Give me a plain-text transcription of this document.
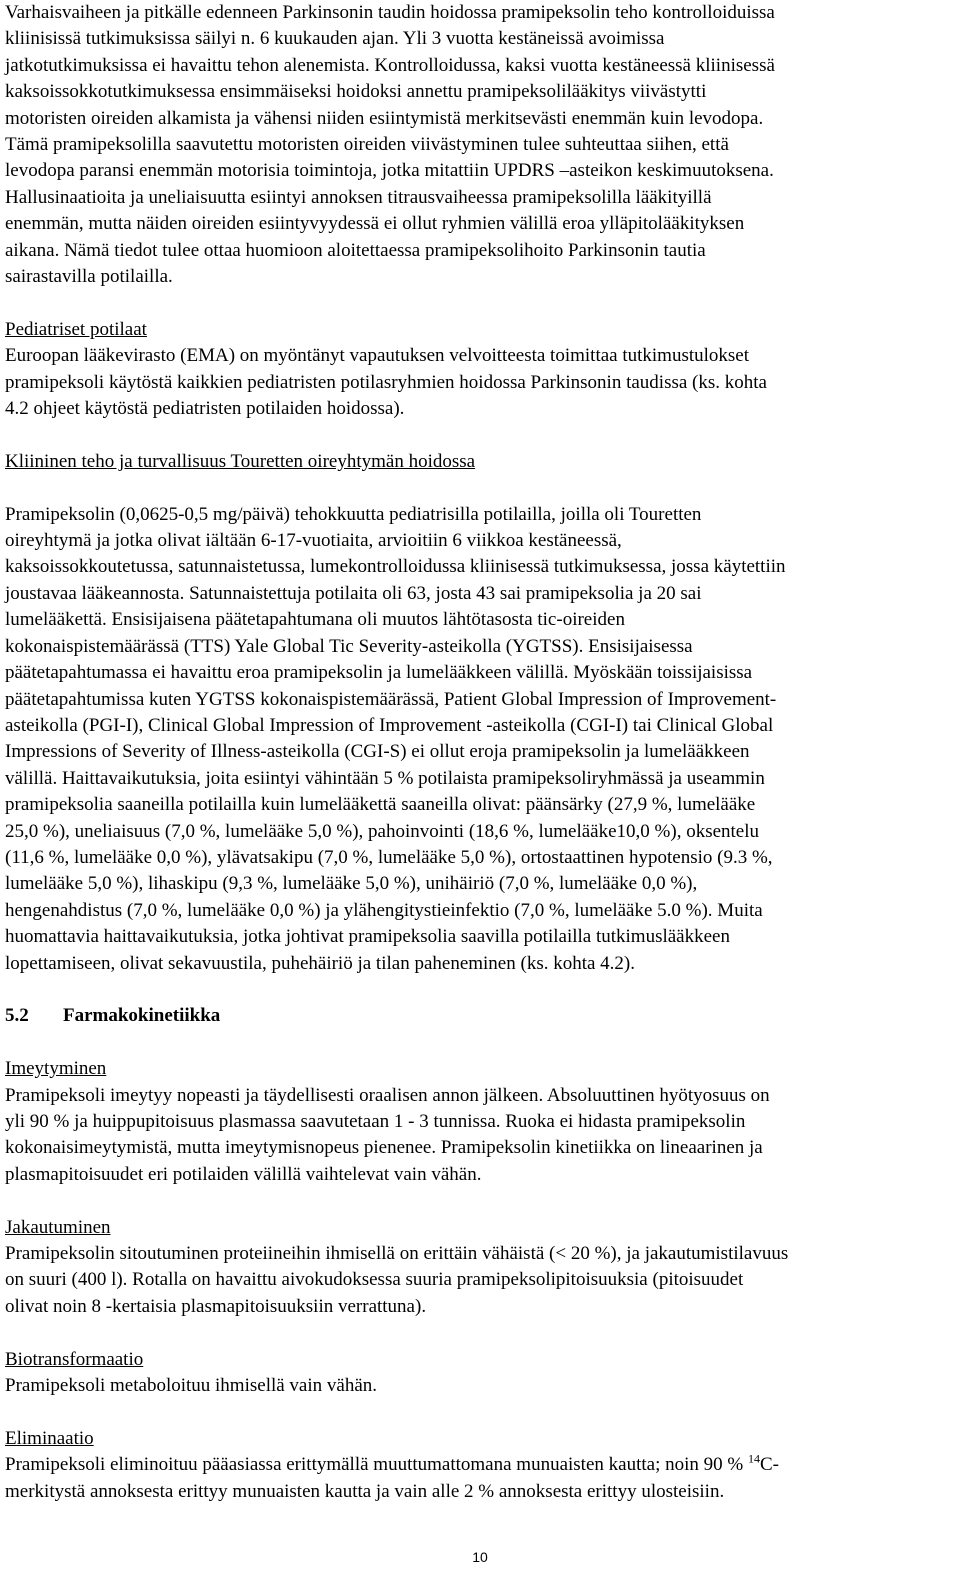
Varhaisvaiheen ja pitkälle edenneen Parkinsonin taudin hoidossa pramipeksolin teho kontrolloiduissa
kliinisissä tutkimuksissa säilyi n. 6 kuukauden ajan. Yli 3 vuotta kestäneissä avoimissa
jatkotutkimuksissa ei havaittu tehon alenemista. Kontrolloidussa, kaksi vuotta kestäneessä kliinisessä
kaksoissokkotutkimuksessa ensimmäiseksi hoidoksi annettu pramipeksolilääkitys viivästytti
motoristen oireiden alkamista ja vähensi niiden esiintymistä merkitsevästi enemmän kuin levodopa.
Tämä pramipeksolilla saavutettu motoristen oireiden viivästyminen tulee suhteuttaa siihen, että
levodopa paransi enemmän motorisia toimintoja, jotka mitattiin UPDRS –asteikon keskimuutoksena.
Hallusinaatioita ja uneliaisuutta esiintyi annoksen titrausvaiheessa pramipeksolilla lääkityillä
enemmän, mutta näiden oireiden esiintyvyydessä ei ollut ryhmien välillä eroa ylläpitolääkityksen
aikana. Nämä tiedot tulee ottaa huomioon aloitettaessa pramipeksolihoito Parkinsonin tautia
sairastavilla potilailla.

Pediatriset potilaat

Euroopan lääkevirasto (EMA) on myöntänyt vapautuksen velvoitteesta toimittaa tutkimustulokset
pramipeksoli käytöstä kaikkien pediatristen potilasryhmien hoidossa Parkinsonin taudissa (ks. kohta
4.2 ohjeet käytöstä pediatristen potilaiden hoidossa).

Kliininen teho ja turvallisuus Touretten oireyhtymän hoidossa

Pramipeksolin (0,0625-0,5 mg/päivä) tehokkuutta pediatrisilla potilailla, joilla oli Touretten
oireyhtymä ja jotka olivat iältään 6-17-vuotiaita, arvioitiin 6 viikkoa kestäneessä,
kaksoissokkoutetussa, satunnaistetussa, lumekontrolloidussa kliinisessä tutkimuksessa, jossa käytettiin
joustavaa lääkeannosta. Satunnaistettuja potilaita oli 63, josta 43 sai pramipeksolia ja 20 sai
lumelääkettä. Ensisijaisena päätetapahtumana oli muutos lähtötasosta tic-oireiden
kokonaispistemäärässä (TTS) Yale Global Tic Severity-asteikolla (YGTSS). Ensisijaisessa
päätetapahtumassa ei havaittu eroa pramipeksolin ja lumelääkkeen välillä. Myöskään toissijaisissa
päätetapahtumissa kuten YGTSS kokonaispistemäärässä, Patient Global Impression of Improvement-
asteikolla (PGI-I), Clinical Global Impression of Improvement -asteikolla (CGI-I) tai Clinical Global
Impressions of Severity of Illness-asteikolla (CGI-S) ei ollut eroja pramipeksolin ja lumelääkkeen
välillä. Haittavaikutuksia, joita esiintyi vähintään 5 % potilaista pramipeksoliryhmässä ja useammin
pramipeksolia saaneilla potilailla kuin lumelääkettä saaneilla olivat: päänsärky (27,9 %, lumelääke
25,0 %), uneliaisuus (7,0 %, lumelääke 5,0 %), pahoinvointi (18,6 %, lumelääke10,0 %), oksentelu
(11,6 %, lumelääke 0,0 %), ylävatsakipu (7,0 %, lumelääke 5,0 %), ortostaattinen hypotensio (9.3 %,
lumelääke 5,0 %), lihaskipu (9,3 %, lumelääke 5,0 %), unihäiriö (7,0 %, lumelääke 0,0 %),
hengenahdistus (7,0 %, lumelääke 0,0 %) ja ylähengitystieinfektio (7,0 %, lumelääke 5.0 %). Muita
huomattavia haittavaikutuksia, jotka johtivat pramipeksolia saavilla potilailla tutkimuslääkkeen
lopettamiseen, olivat sekavuustila, puhehäiriö ja tilan paheneminen (ks. kohta 4.2).

5.2 Farmakokinetiikka
Imeytyminen

Pramipeksoli imeytyy nopeasti ja täydellisesti oraalisen annon jälkeen. Absoluuttinen hyötyosuus on
yli 90 % ja huippupitoisuus plasmassa saavutetaan 1 - 3 tunnissa. Ruoka ei hidasta pramipeksolin
kokonaisimeytymistä, mutta imeytymisnopeus pienenee. Pramipeksolin kinetiikka on lineaarinen ja
plasmapitoisuudet eri potilaiden välillä vaihtelevat vain vähän.

Jakautuminen

Pramipeksolin sitoutuminen proteiineihin ihmisellä on erittäin vähäistä (< 20 %), ja jakautumistilavuus
on suuri (400 l). Rotalla on havaittu aivokudoksessa suuria pramipeksolipitoisuuksia (pitoisuudet
olivat noin 8 -kertaisia plasmapitoisuuksiin verrattuna).

Biotransformaatio

Pramipeksoli metaboloituu ihmisellä vain vähän.

Eliminaatio

Pramipeksoli eliminoituu pääasiassa erittymällä muuttumattomana munuaisten kautta; noin 90 % $^{14}$C-
merkitystä annoksesta erittyy munuaisten kautta ja vain alle 2 % annoksesta erittyy ulosteisiin.

10
